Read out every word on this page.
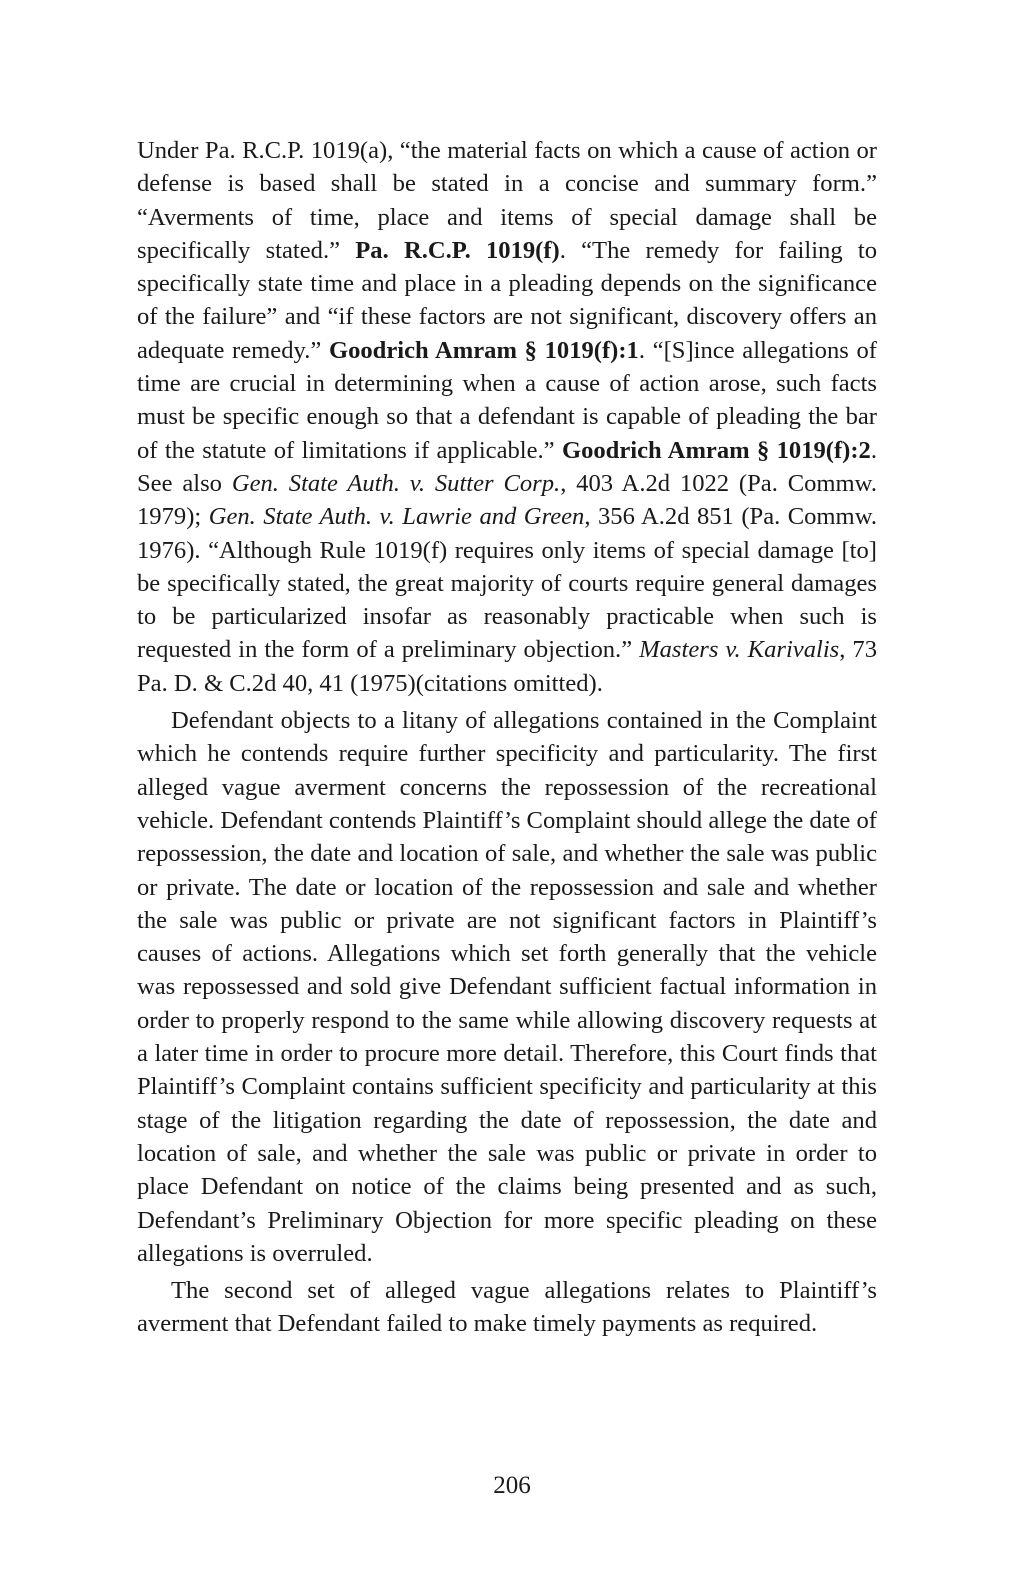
Under Pa. R.C.P. 1019(a), “the material facts on which a cause of action or defense is based shall be stated in a concise and summary form.” “Averments of time, place and items of special damage shall be specifically stated.” Pa. R.C.P. 1019(f). “The remedy for failing to specifically state time and place in a pleading depends on the significance of the failure” and “if these factors are not significant, discovery offers an adequate remedy.” Goodrich Amram § 1019(f):1. “[S]ince allegations of time are crucial in determining when a cause of action arose, such facts must be specific enough so that a defendant is capable of pleading the bar of the statute of limitations if applicable.” Goodrich Amram § 1019(f):2. See also Gen. State Auth. v. Sutter Corp., 403 A.2d 1022 (Pa. Commw. 1979); Gen. State Auth. v. Lawrie and Green, 356 A.2d 851 (Pa. Commw. 1976). “Although Rule 1019(f) requires only items of special damage [to] be specifically stated, the great majority of courts require general damages to be particularized insofar as reasonably practicable when such is requested in the form of a preliminary objection.” Masters v. Karivalis, 73 Pa. D. & C.2d 40, 41 (1975)(citations omitted).

Defendant objects to a litany of allegations contained in the Complaint which he contends require further specificity and particularity. The first alleged vague averment concerns the repossession of the recreational vehicle. Defendant contends Plaintiff’s Complaint should allege the date of repossession, the date and location of sale, and whether the sale was public or private. The date or location of the repossession and sale and whether the sale was public or private are not significant factors in Plaintiff’s causes of actions. Allegations which set forth generally that the vehicle was repossessed and sold give Defendant sufficient factual information in order to properly respond to the same while allowing discovery requests at a later time in order to procure more detail. Therefore, this Court finds that Plaintiff’s Complaint contains sufficient specificity and particularity at this stage of the litigation regarding the date of repossession, the date and location of sale, and whether the sale was public or private in order to place Defendant on notice of the claims being presented and as such, Defendant’s Preliminary Objection for more specific pleading on these allegations is overruled.

The second set of alleged vague allegations relates to Plaintiff’s averment that Defendant failed to make timely payments as required.

206
